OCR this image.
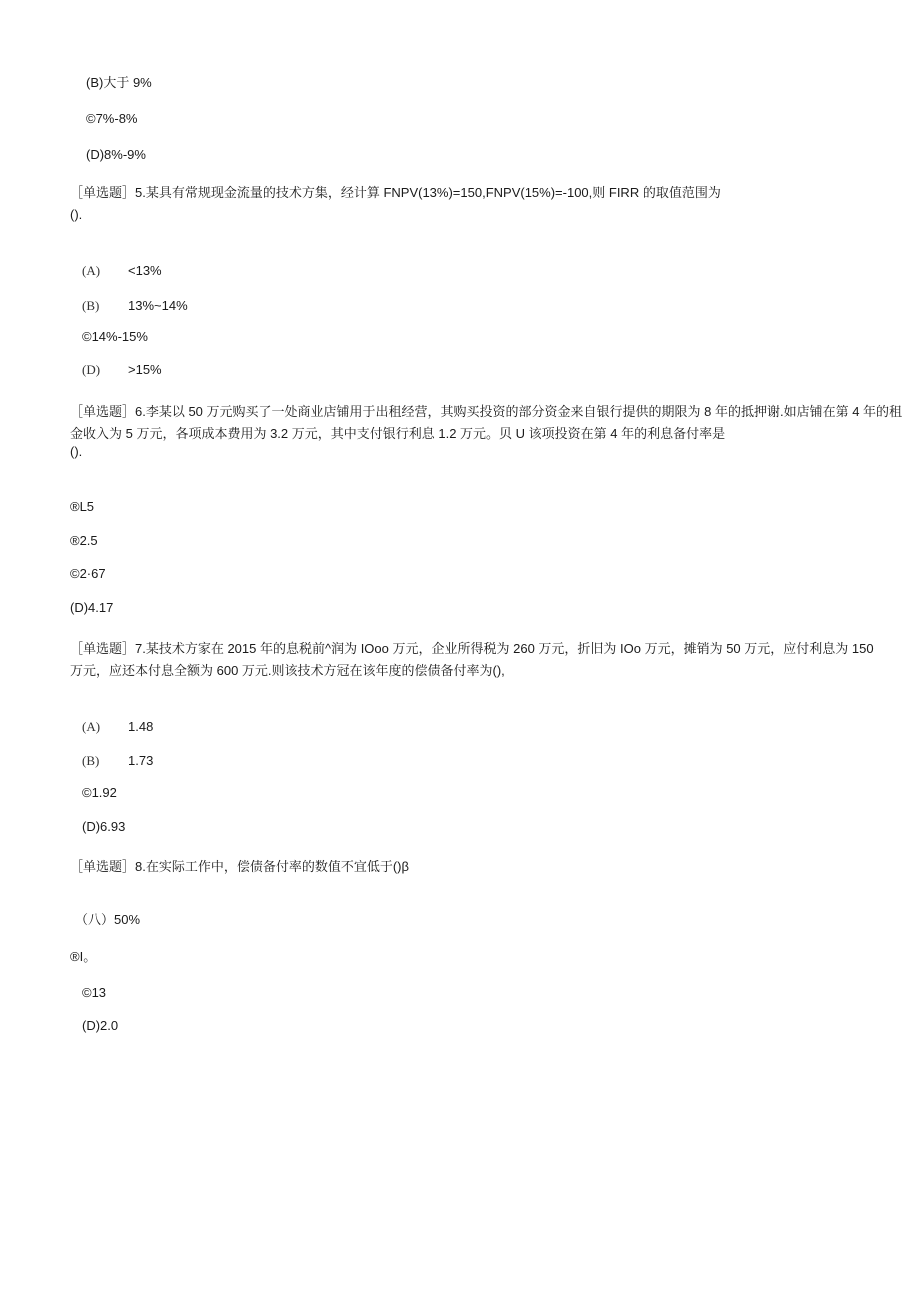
(B)大于 9%
©7%-8%
(D)8%-9%
［单选题］5.某具有常规现金流量的技术方集，经计算 FNPV(13%)=150,FNPV(15%)=-100,则 FIRR 的取值范围为
().
(A) <13%
(B) 13%~14%
©14%-15%
(D) >15%
［单选题］6.李某以 50 万元购买了一处商业店铺用于出租经营，其购买投资的部分资金来自银行提供的期限为 8 年的抵押谢.如店铺在第 4 年的租
金收入为 5 万元，各项成本费用为 3.2 万元，其中支付银行利息 1.2 万元。贝 U 该项投资在第 4 年的利息备付率是
().
®L5
®2.5
©2·67
(D)4.17
［单选题］7.某技术方家在 2015 年的息税前^润为 IOoo 万元，企业所得税为 260 万元，折旧为 IOo 万元，摊销为 50 万元，应付利息为 150
万元，应还本付息全额为 600 万元.则该技术方冠在该年度的偿债备付率为(),
(A) 1.48
(B) 1.73
©1.92
(D)6.93
［单选题］8.在实际工作中，偿债备付率的数值不宜低于()β
（八）50%
®I。
©13
(D)2.0
